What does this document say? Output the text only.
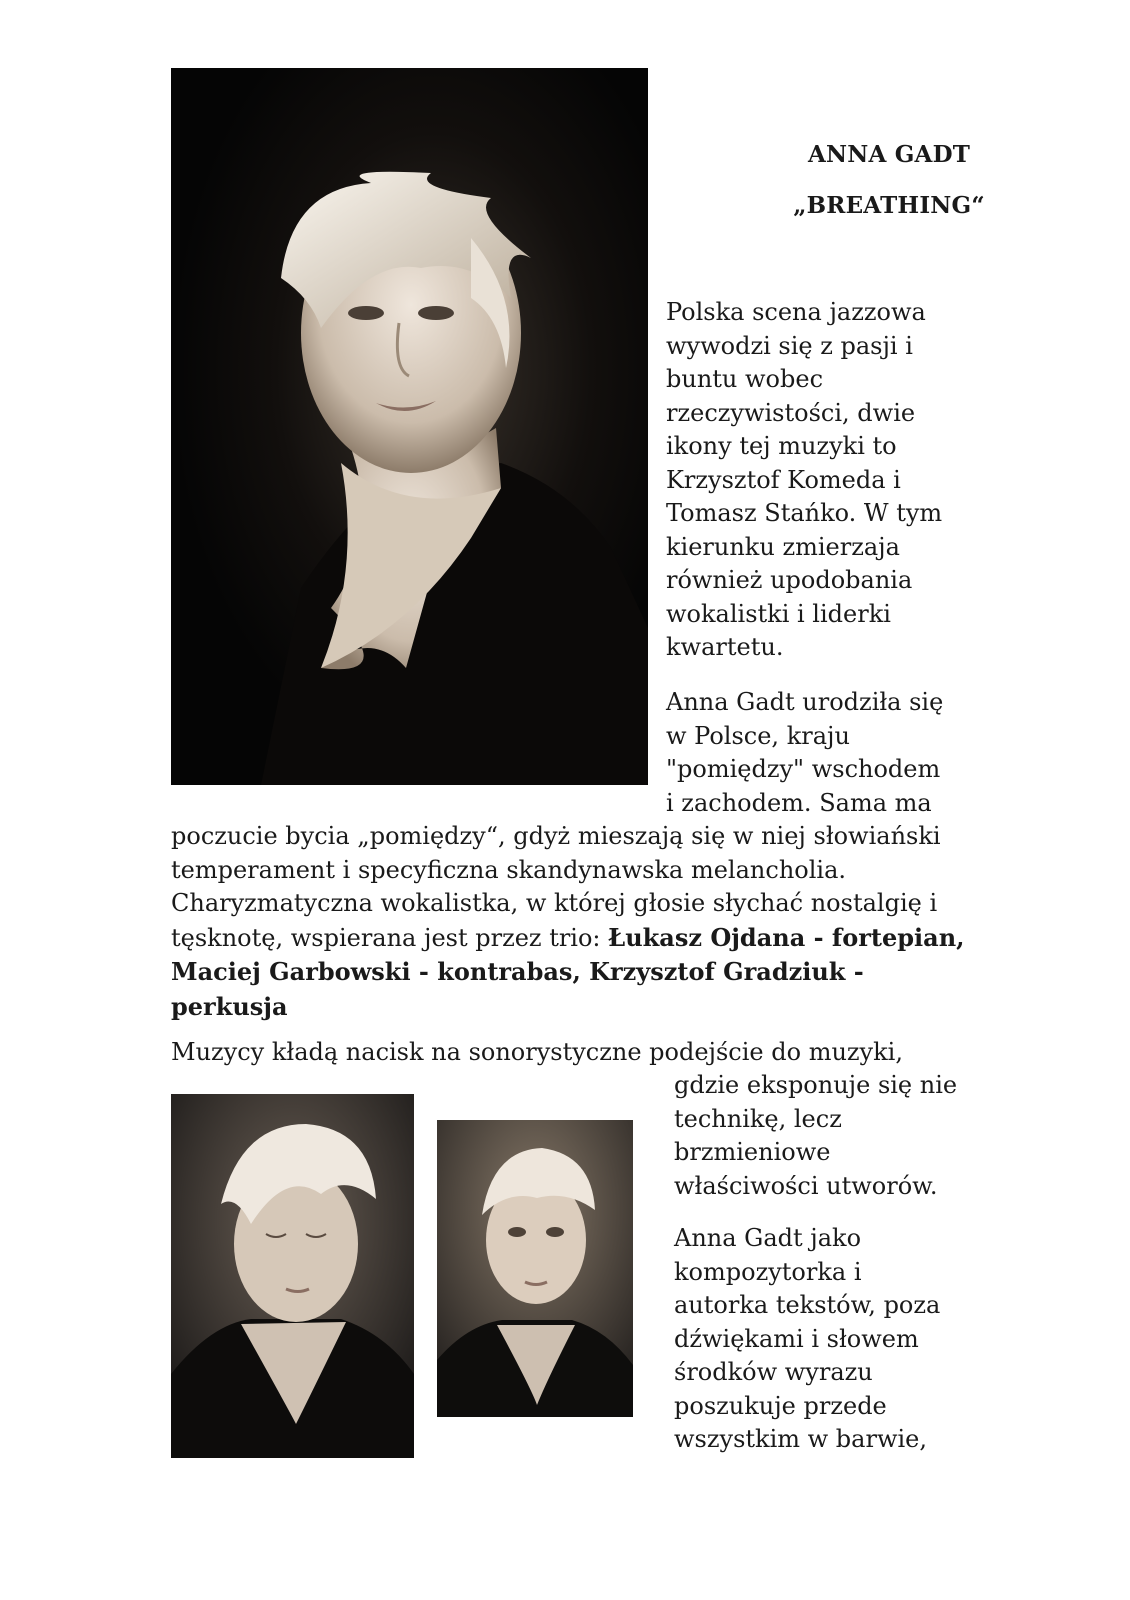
ANNA GADT
„BREATHING“

Polska scena jazzowa
wywodzi się z pasji i
buntu wobec
rzeczywistości, dwie
ikony tej muzyki to
Krzysztof Komeda i
Tomasz Stańko. W tym
kierunku zmierzaja
również upodobania
wokalistki i liderki
kwartetu.

Anna Gadt urodziła się
w Polsce, kraju
"pomiędzy" wschodem
i zachodem. Sama ma

poczucie bycia „pomiędzy“, gdyż mieszają się w niej słowiański
temperament i specyficzna skandynawska melancholia.
Charyzmatyczna wokalistka, w której głosie słychać nostalgię i
tęsknotę, wspierana jest przez trio: Łukasz Ojdana - fortepian,
Maciej Garbowski - kontrabas, Krzysztof Gradziuk -
perkusja

Muzycy kładą nacisk na sonorystyczne podejście do muzyki,

gdzie eksponuje się nie
technikę, lecz
brzmieniowe
właściwości utworów.

Anna Gadt jako
kompozytorka i
autorka tekstów, poza
dźwiękami i słowem
środków wyrazu
poszukuje przede
wszystkim w barwie,
